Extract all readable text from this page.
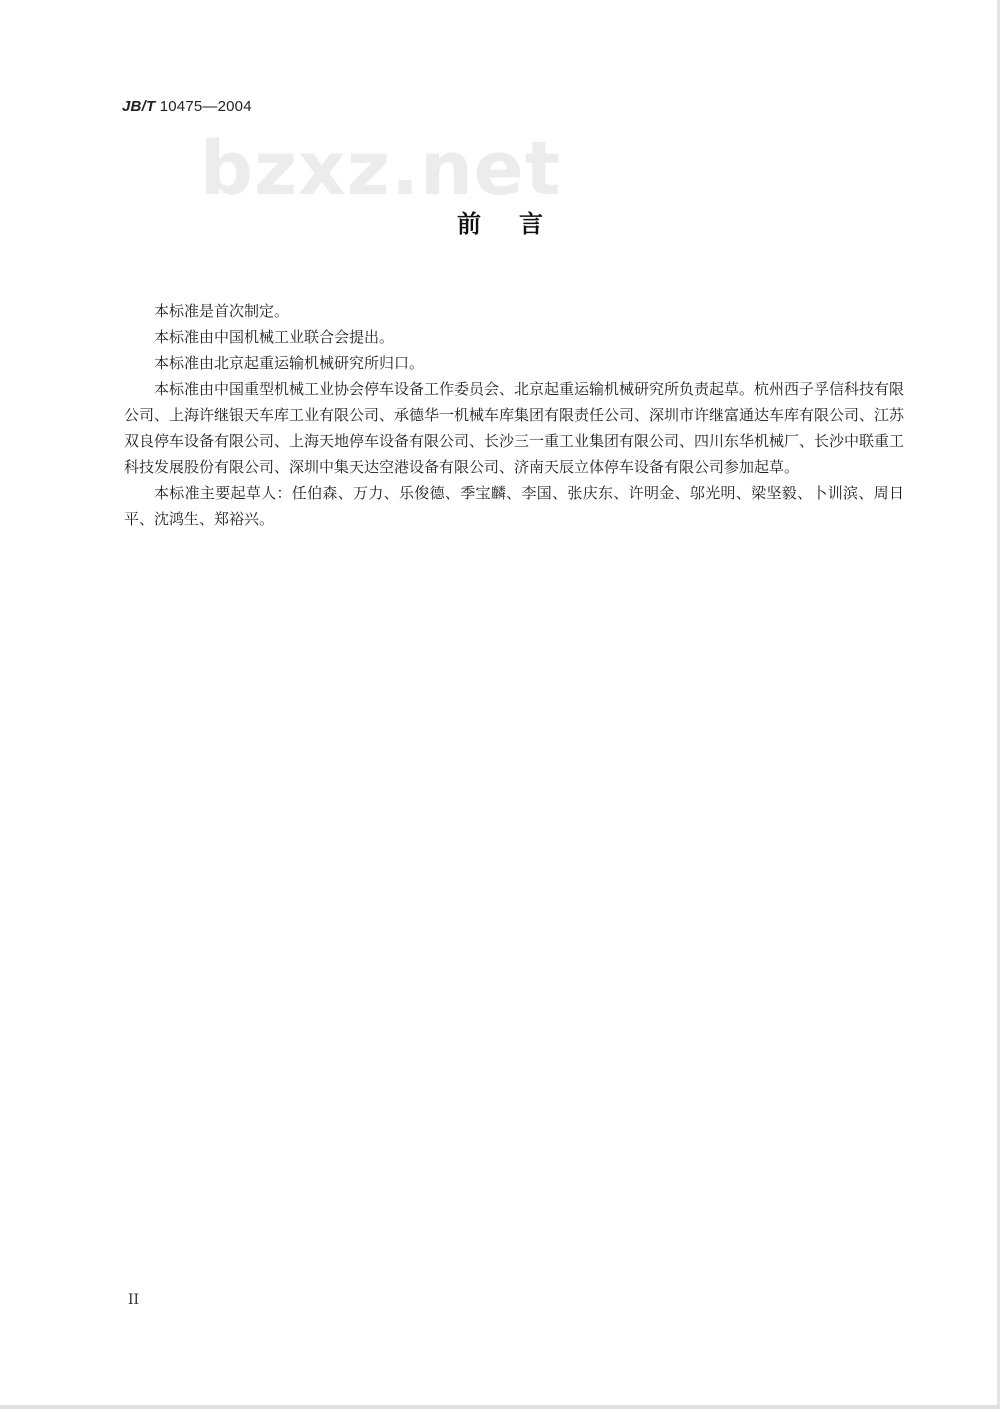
JB/T 10475—2004
bzxz.net
前言

本标准是首次制定。

本标准由中国机械工业联合会提出。

本标准由北京起重运输机械研究所归口。

本标准由中国重型机械工业协会停车设备工作委员会、北京起重运输机械研究所负责起草。杭州西子孚信科技有限公司、上海许继银天车库工业有限公司、承德华一机械车库集团有限责任公司、深圳市许继富通达车库有限公司、江苏双良停车设备有限公司、上海天地停车设备有限公司、长沙三一重工业集团有限公司、四川东华机械厂、长沙中联重工科技发展股份有限公司、深圳中集天达空港设备有限公司、济南天辰立体停车设备有限公司参加起草。

本标准主要起草人：任伯森、万力、乐俊德、季宝麟、李国、张庆东、许明金、邬光明、梁坚毅、卜训滨、周日平、沈鸿生、郑裕兴。

II
